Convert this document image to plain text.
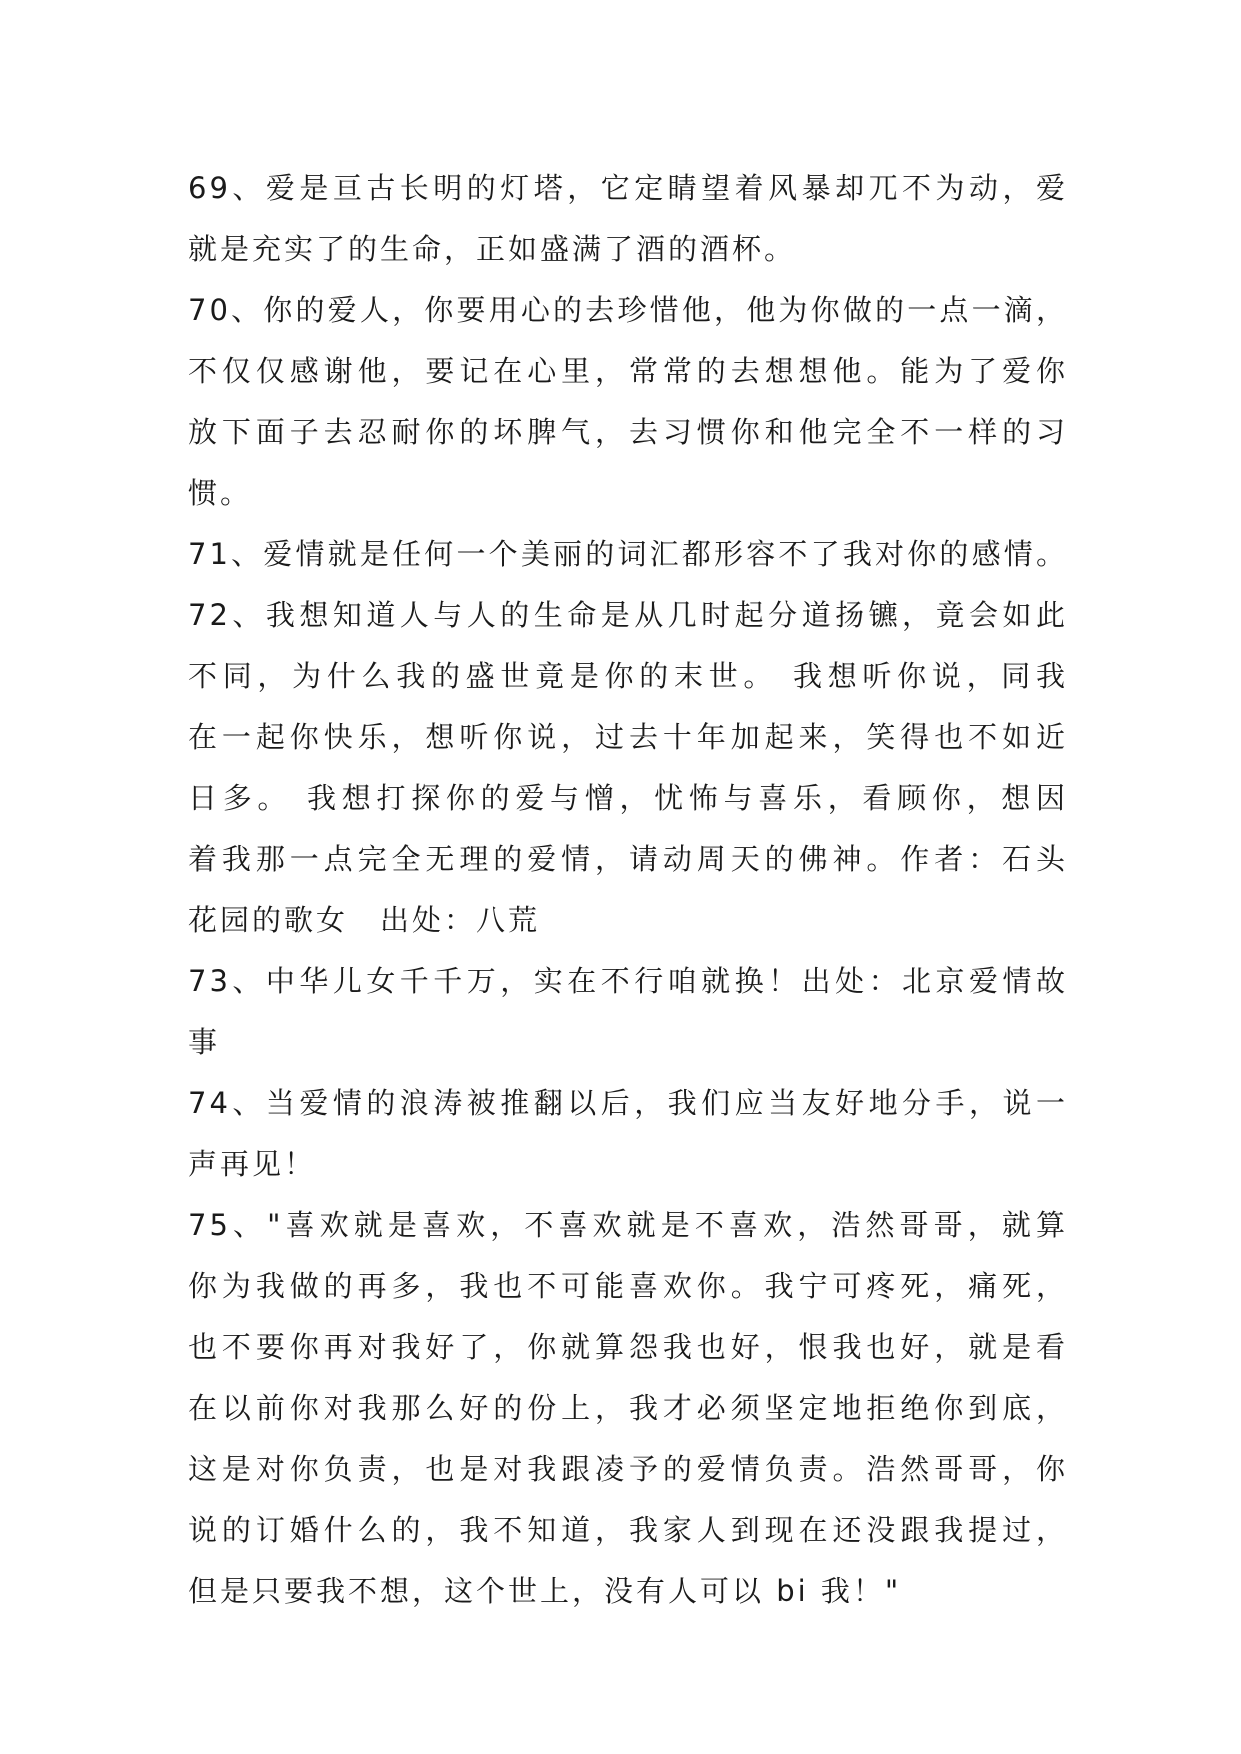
69、爱是亘古长明的灯塔，它定睛望着风暴却兀不为动，爱
就是充实了的生命，正如盛满了酒的酒杯。
70、你的爱人，你要用心的去珍惜他，他为你做的一点一滴，
不仅仅感谢他，要记在心里，常常的去想想他。能为了爱你
放下面子去忍耐你的坏脾气，去习惯你和他完全不一样的习
惯。
71、爱情就是任何一个美丽的词汇都形容不了我对你的感情。
72、我想知道人与人的生命是从几时起分道扬镳，竟会如此
不同，为什么我的盛世竟是你的末世。 我想听你说，同我
在一起你快乐，想听你说，过去十年加起来，笑得也不如近
日多。 我想打探你的爱与憎，忧怖与喜乐，看顾你，想因
着我那一点完全无理的爱情，请动周天的佛神。作者：石头
花园的歌女　出处：八荒
73、中华儿女千千万，实在不行咱就换！出处：北京爱情故
事
74、当爱情的浪涛被推翻以后，我们应当友好地分手，说一
声再见！
75、"喜欢就是喜欢，不喜欢就是不喜欢，浩然哥哥，就算
你为我做的再多，我也不可能喜欢你。我宁可疼死，痛死，
也不要你再对我好了，你就算怨我也好，恨我也好，就是看
在以前你对我那么好的份上，我才必须坚定地拒绝你到底，
这是对你负责，也是对我跟凌予的爱情负责。浩然哥哥，你
说的订婚什么的，我不知道，我家人到现在还没跟我提过，
但是只要我不想，这个世上，没有人可以 bi 我！"
